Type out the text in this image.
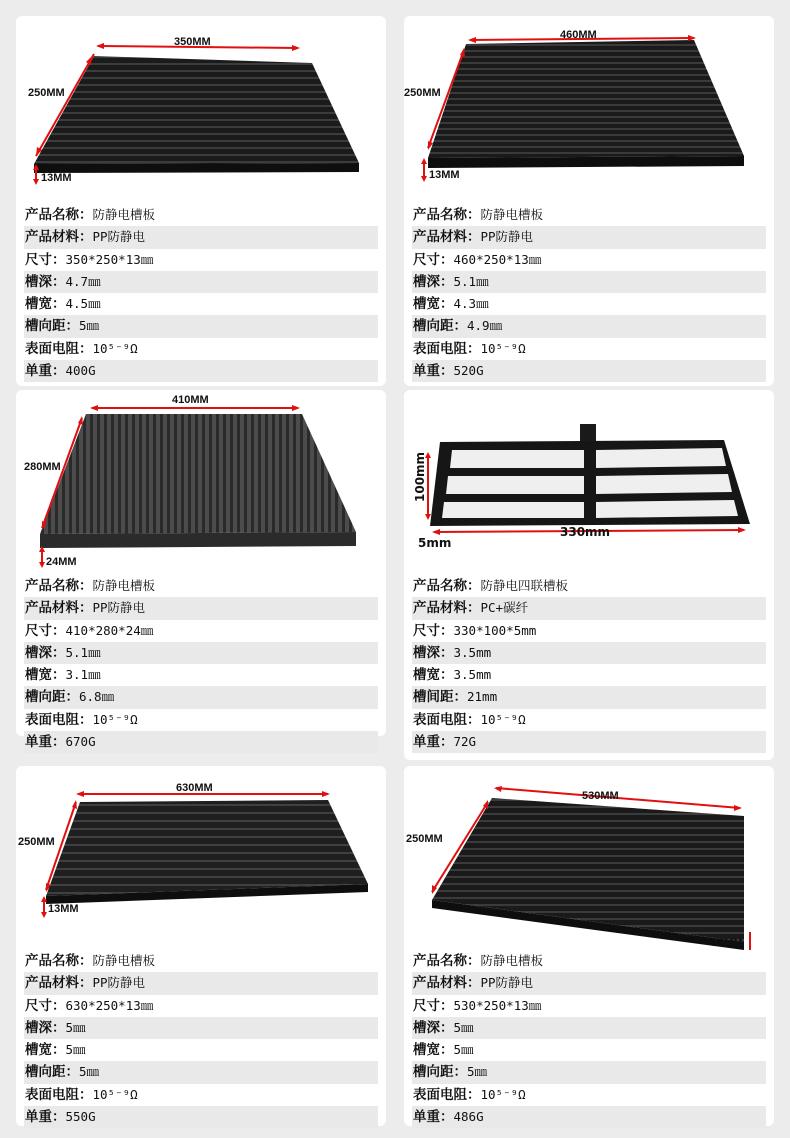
350MM
250MM
13MM
产品名称：防静电槽板
产品材料：PP防静电
尺寸：350*250*13㎜
槽深：4.7㎜
槽宽：4.5㎜
槽向距：5㎜
表面电阻：10⁵⁻⁹Ω
单重：400G
460MM
250MM
13MM
产品名称：防静电槽板
产品材料：PP防静电
尺寸：460*250*13㎜
槽深：5.1㎜
槽宽：4.3㎜
槽向距：4.9㎜
表面电阻：10⁵⁻⁹Ω
单重：520G
410MM
280MM
24MM
产品名称：防静电槽板
产品材料：PP防静电
尺寸：410*280*24㎜
槽深：5.1㎜
槽宽：3.1㎜
槽向距：6.8㎜
表面电阻：10⁵⁻⁹Ω
单重：670G
100mm
330mm
5mm
产品名称：防静电四联槽板
产品材料：PC+碳纤
尺寸：330*100*5mm
槽深：3.5mm
槽宽：3.5mm
槽间距：21mm
表面电阻：10⁵⁻⁹Ω
单重：72G
630MM
250MM
13MM
产品名称：防静电槽板
产品材料：PP防静电
尺寸：630*250*13㎜
槽深：5㎜
槽宽：5㎜
槽向距：5㎜
表面电阻：10⁵⁻⁹Ω
单重：550G
530MM
250MM
13MM
产品名称：防静电槽板
产品材料：PP防静电
尺寸：530*250*13㎜
槽深：5㎜
槽宽：5㎜
槽向距：5㎜
表面电阻：10⁵⁻⁹Ω
单重：486G
